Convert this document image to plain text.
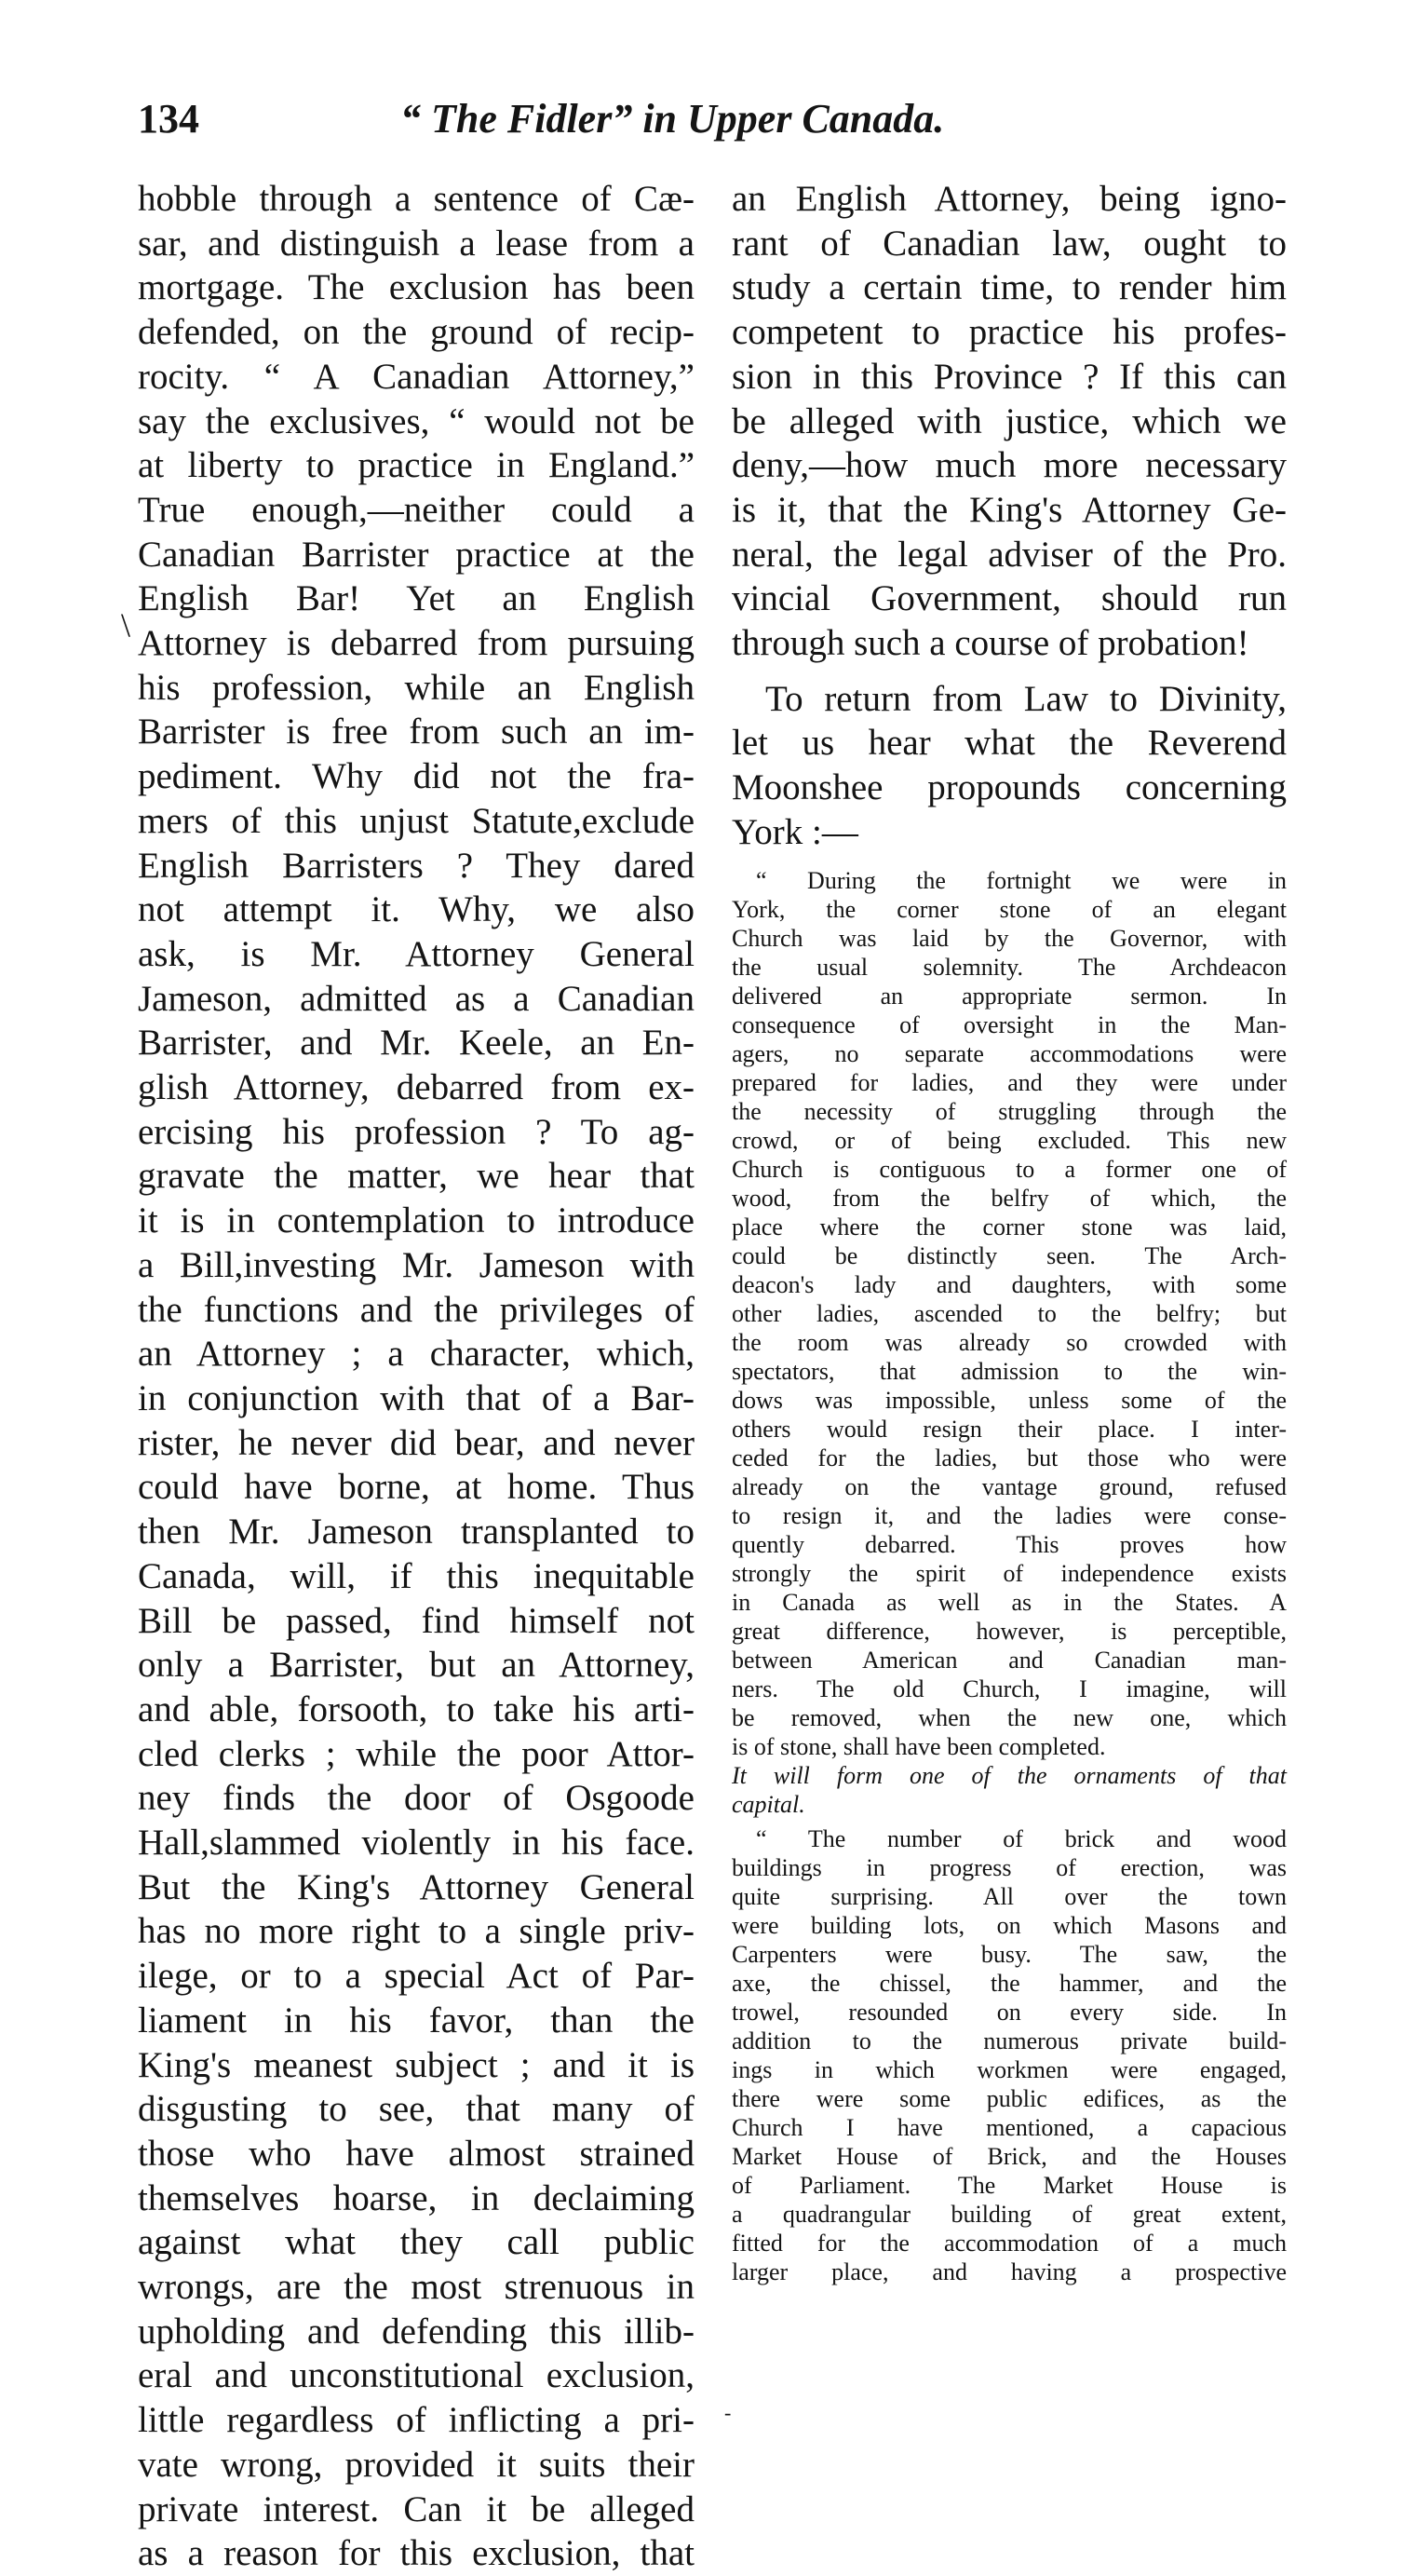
134	“ The Fidler” in Upper Canada.
hobble through a sentence of Cæ-
sar, and distinguish a lease from a
mortgage. The exclusion has been
defended, on the ground of recip-
rocity. “ A Canadian Attorney,”
say the exclusives, “ would not be
at liberty to practice in England.”
True enough,—neither could a
Canadian Barrister practice at the
English Bar! Yet an English
Attorney is debarred from pursuing
his profession, while an English
Barrister is free from such an im-
pediment. Why did not the fra-
mers of this unjust Statute,exclude
English Barristers ? They dared
not attempt it. Why, we also
ask, is Mr. Attorney General
Jameson, admitted as a Canadian
Barrister, and Mr. Keele, an En-
glish Attorney, debarred from ex-
ercising his profession ? To ag-
gravate the matter, we hear that
it is in contemplation to introduce
a Bill,investing Mr. Jameson with
the functions and the privileges of
an Attorney ; a character, which,
in conjunction with that of a Bar-
rister, he never did bear, and never
could have borne, at home. Thus
then Mr. Jameson transplanted to
Canada, will, if this inequitable
Bill be passed, find himself not
only a Barrister, but an Attorney,
and able, forsooth, to take his arti-
cled clerks ; while the poor Attor-
ney finds the door of Osgoode
Hall,slammed violently in his face.
But the King's Attorney General
has no more right to a single priv-
ilege, or to a special Act of Par-
liament in his favor, than the
King's meanest subject ; and it is
disgusting to see, that many of
those who have almost strained
themselves hoarse, in declaiming
against what they call public
wrongs, are the most strenuous in
upholding and defending this illib-
eral and unconstitutional exclusion,
little regardless of inflicting a pri-
vate wrong, provided it suits their
private interest. Can it be alleged
as a reason for this exclusion, that
an English Attorney, being igno-
rant of Canadian law, ought to
study a certain time, to render him
competent to practice his profes-
sion in this Province ? If this can
be alleged with justice, which we
deny,—how much more necessary
is it, that the King's Attorney Ge-
neral, the legal adviser of the Pro.
vincial Government, should run
through such a course of probation!
To return from Law to Divinity,
let us hear what the Reverend
Moonshee propounds concerning
York :—
“ During the fortnight we were in
York, the corner stone of an elegant
Church was laid by the Governor, with
the usual solemnity. The Archdeacon
delivered an appropriate sermon. In
consequence of oversight in the Man-
agers, no separate accommodations were
prepared for ladies, and they were under
the necessity of struggling through the
crowd, or of being excluded. This new
Church is contiguous to a former one of
wood, from the belfry of which, the
place where the corner stone was laid,
could be distinctly seen. The Arch-
deacon's lady and daughters, with some
other ladies, ascended to the belfry; but
the room was already so crowded with
spectators, that admission to the win-
dows was impossible, unless some of the
others would resign their place. I inter-
ceded for the ladies, but those who were
already on the vantage ground, refused
to resign it, and the ladies were conse-
quently debarred. This proves how
strongly the spirit of independence exists
in Canada as well as in the States. A
great difference, however, is perceptible,
between American and Canadian man-
ners. The old Church, I imagine, will
be removed, when the new one, which
is of stone, shall have been completed.
It will form one of the ornaments of that
capital.
“ The number of brick and wood
buildings in progress of erection, was
quite surprising. All over the town
were building lots, on which Masons and
Carpenters were busy. The saw, the
axe, the chissel, the hammer, and the
trowel, resounded on every side. In
addition to the numerous private build-
ings in which workmen were engaged,
there were some public edifices, as the
Church I have mentioned, a capacious
Market House of Brick, and the Houses
of Parliament. The Market House is
a quadrangular building of great extent,
fitted for the accommodation of a much
larger place, and having a prospective
\
-
